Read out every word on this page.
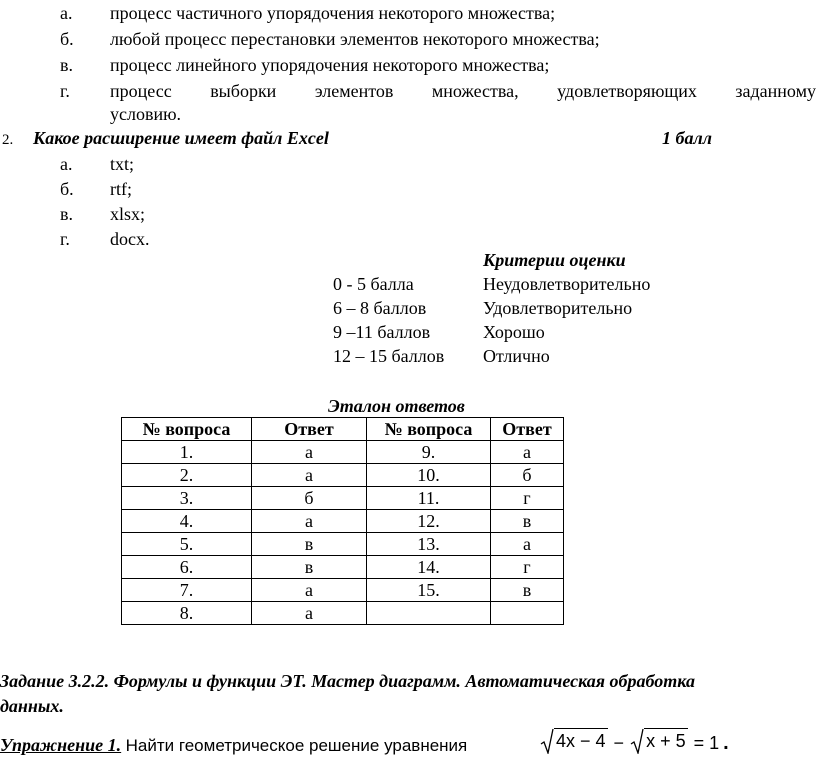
а. процесс частичного упорядочения некоторого множества;
б. любой процесс перестановки элементов некоторого множества;
в. процесс линейного упорядочения некоторого множества;
г.	процесс выборки элементов множества, удовлетворяющих заданному
условию.
2. Какое расширение имеет файл Excel	1 балл
а. txt;
б. rtf;
в. xlsx;
г. docx.
Критерии оценки
0 - 5 балла	Неудовлетворительно
6 – 8 баллов	Удовлетворительно
9 –11 баллов	Хорошо
12 – 15 баллов Отлично
Эталон ответов
№ вопроса	Ответ	№ вопроса	Ответ
1.	а	9.	а
2.	а	10.	б
3.	б	11.	г
4.	а	12.	в
5.	в	13.	а
6.	в	14.	г
7.	а	15.	в
8.	а		
Задание 3.2.2. Формулы и функции ЭТ. Мастер диаграмм. Автоматическая обработка
данных.
Упражнение 1. Найти геометрическое решение уравнения	4x − 4 −	x + 5 = 1 .
